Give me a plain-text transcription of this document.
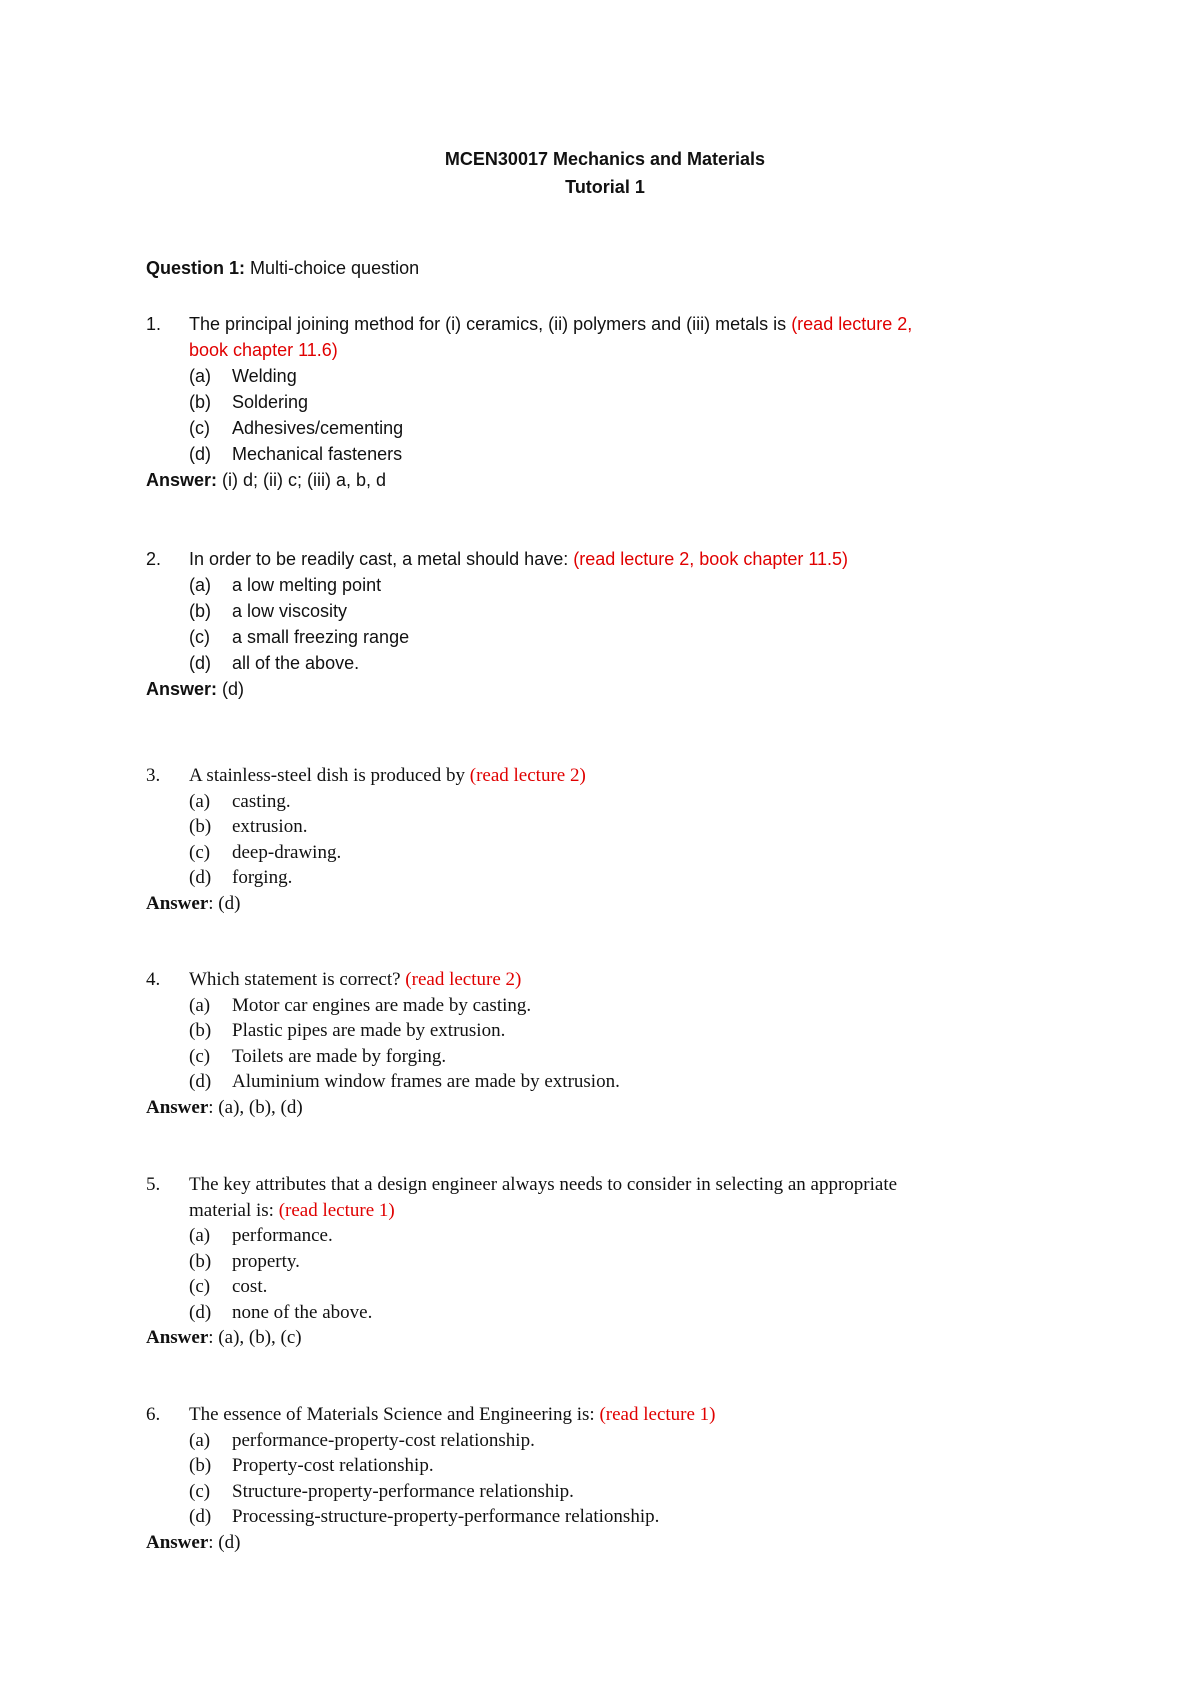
MCEN30017 Mechanics and Materials
Tutorial 1
Question 1: Multi-choice question
1. The principal joining method for (i) ceramics, (ii) polymers and (iii) metals is (read lecture 2,
book chapter 11.6)
(a) Welding
(b) Soldering
(c) Adhesives/cementing
(d) Mechanical fasteners
Answer: (i) d; (ii) c; (iii) a, b, d
2. In order to be readily cast, a metal should have: (read lecture 2, book chapter 11.5)
(a) a low melting point
(b) a low viscosity
(c) a small freezing range
(d) all of the above.
Answer: (d)
3. A stainless-steel dish is produced by (read lecture 2)
(a) casting.
(b) extrusion.
(c) deep-drawing.
(d) forging.
Answer: (d)
4. Which statement is correct? (read lecture 2)
(a) Motor car engines are made by casting.
(b) Plastic pipes are made by extrusion.
(c) Toilets are made by forging.
(d) Aluminium window frames are made by extrusion.
Answer: (a), (b), (d)
5. The key attributes that a design engineer always needs to consider in selecting an appropriate
material is: (read lecture 1)
(a) performance.
(b) property.
(c) cost.
(d) none of the above.
Answer: (a), (b), (c)
6. The essence of Materials Science and Engineering is: (read lecture 1)
(a) performance-property-cost relationship.
(b) Property-cost relationship.
(c) Structure-property-performance relationship.
(d) Processing-structure-property-performance relationship.
Answer: (d)
